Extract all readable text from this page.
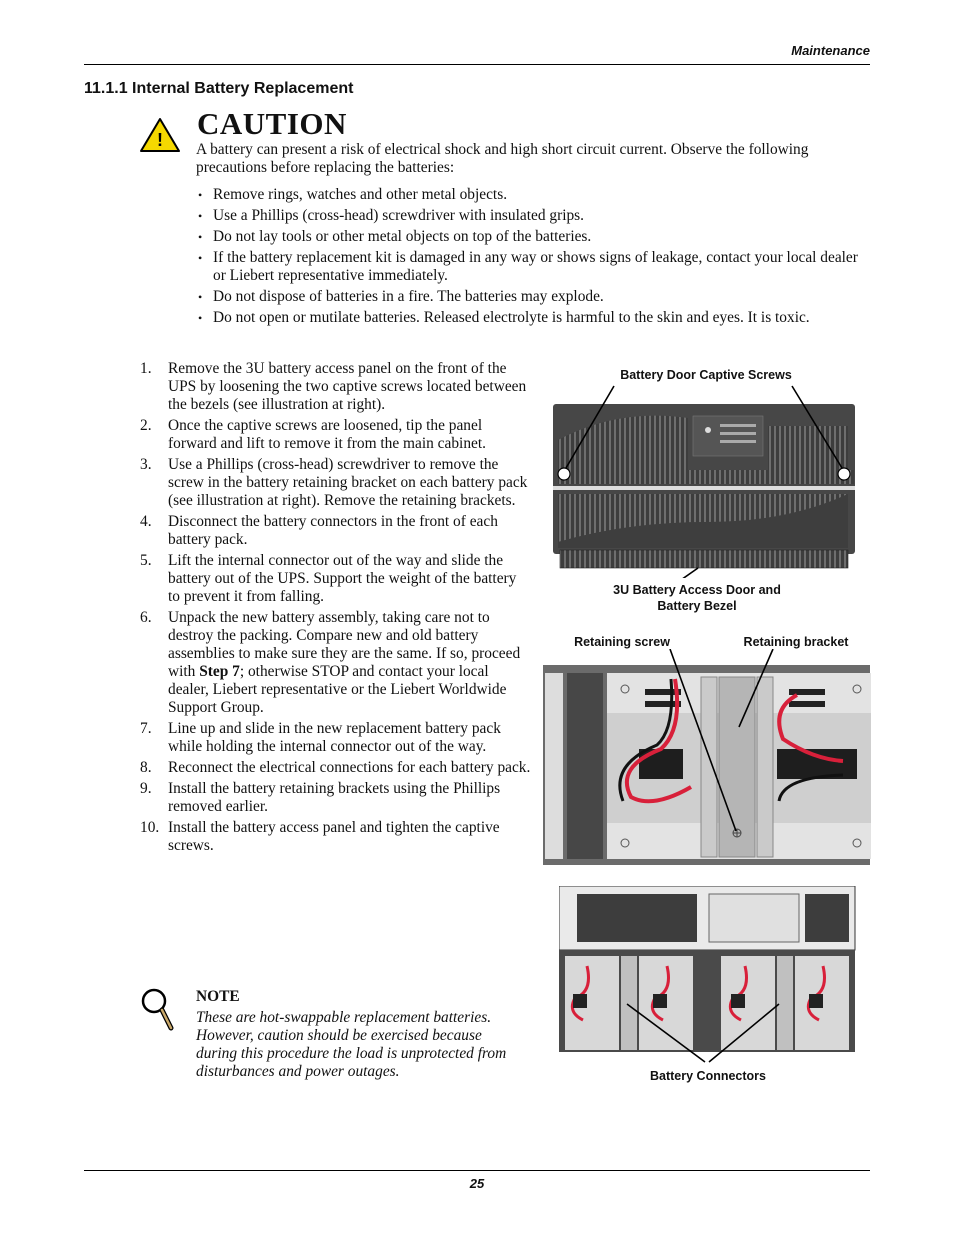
Maintenance
11.1.1 Internal Battery Replacement
! CAUTION
A battery can present a risk of electrical shock and high short circuit current. Observe the following precautions before replacing the batteries:
• Remove rings, watches and other metal objects.
• Use a Phillips (cross-head) screwdriver with insulated grips.
• Do not lay tools or other metal objects on top of the batteries.
• If the battery replacement kit is damaged in any way or shows signs of leakage, contact your local dealer or Liebert representative immediately.
• Do not dispose of batteries in a fire. The batteries may explode.
• Do not open or mutilate batteries. Released electrolyte is harmful to the skin and eyes. It is toxic.
1. Remove the 3U battery access panel on the front of the UPS by loosening the two captive screws located between the bezels (see illustration at right).
2. Once the captive screws are loosened, tip the panel forward and lift to remove it from the main cabinet.
3. Use a Phillips (cross-head) screwdriver to remove the screw in the battery retaining bracket on each battery pack (see illustration at right). Remove the retaining brackets.
4. Disconnect the battery connectors in the front of each battery pack.
5. Lift the internal connector out of the way and slide the battery out of the UPS. Support the weight of the battery to prevent it from falling.
6. Unpack the new battery assembly, taking care not to destroy the packing. Compare new and old battery assemblies to make sure they are the same. If so, proceed with Step 7; otherwise STOP and contact your local dealer, Liebert representative or the Liebert Worldwide Support Group.
7. Line up and slide in the new replacement battery pack while holding the internal connector out of the way.
8. Reconnect the electrical connections for each battery pack.
9. Install the battery retaining brackets using the Phillips removed earlier.
10. Install the battery access panel and tighten the captive screws.
NOTE
These are hot-swappable replacement batteries. However, caution should be exercised because during this procedure the load is unprotected from disturbances and power outages.
Battery Door Captive Screws
3U Battery Access Door and
Battery Bezel
Retaining screw	Retaining bracket
Battery Connectors
25
